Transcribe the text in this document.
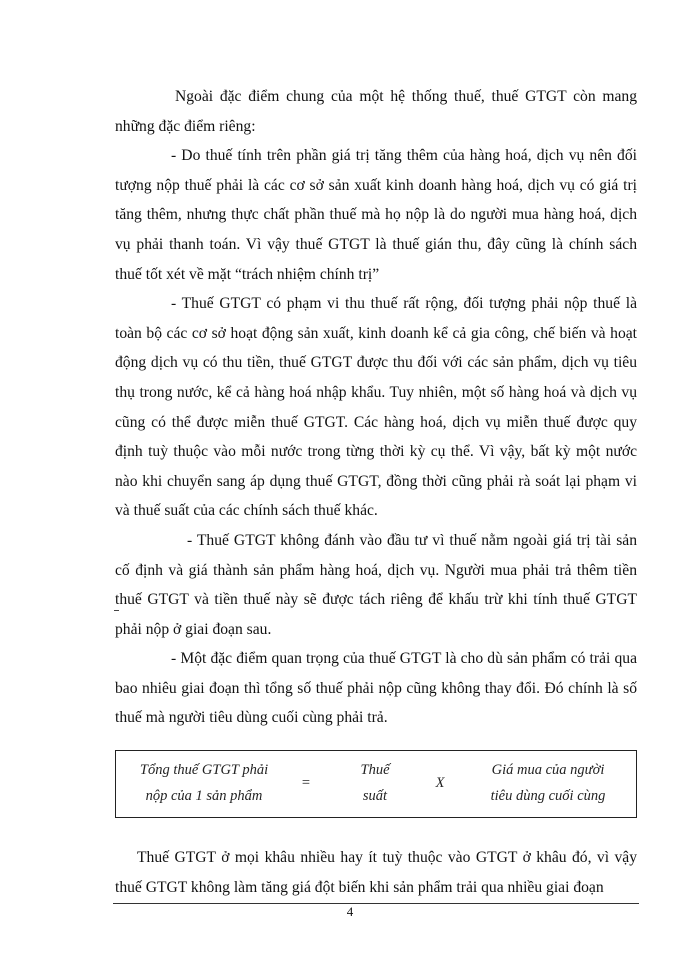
Ngoài đặc điểm chung của một hệ thống thuế, thuế GTGT còn mang những đặc điểm riêng:

- Do thuế tính trên phần giá trị tăng thêm của hàng hoá, dịch vụ nên đối tượng nộp thuế phải là các cơ sở sản xuất kinh doanh hàng hoá, dịch vụ có giá trị tăng thêm, nhưng thực chất phần thuế mà họ nộp là do người mua hàng hoá, dịch vụ phải thanh toán. Vì vậy thuế GTGT là thuế gián thu, đây cũng là chính sách thuế tốt xét về mặt “trách nhiệm chính trị”

- Thuế GTGT có phạm vi thu thuế rất rộng, đối tượng phải nộp thuế là toàn bộ các cơ sở hoạt động sản xuất, kinh doanh kể cả gia công, chế biến và hoạt động dịch vụ có thu tiền, thuế GTGT được thu đối với các sản phẩm, dịch vụ tiêu thụ trong nước, kể cả hàng hoá nhập khẩu. Tuy nhiên, một số hàng hoá và dịch vụ cũng có thể được miễn thuế GTGT. Các hàng hoá, dịch vụ miễn thuế được quy định tuỳ thuộc vào mỗi nước trong từng thời kỳ cụ thể. Vì vậy, bất kỳ một nước nào khi chuyển sang áp dụng thuế GTGT, đồng thời cũng phải rà soát lại phạm vi và thuế suất của các chính sách thuế khác.

- Thuế GTGT không đánh vào đầu tư vì thuế nằm ngoài giá trị tài sản cố định và giá thành sản phẩm hàng hoá, dịch vụ. Người mua phải trả thêm tiền thuế GTGT và tiền thuế này sẽ được tách riêng để khấu trừ khi tính thuế GTGT phải nộp ở giai đoạn sau.

- Một đặc điểm quan trọng của thuế GTGT là cho dù sản phẩm có trải qua bao nhiêu giai đoạn thì tổng số thuế phải nộp cũng không thay đổi. Đó chính là số thuế mà người tiêu dùng cuối cùng phải trả.

Tổng thuế GTGT phải
nộp của 1 sản phẩm
=
Thuế
suất
X
Giá mua của người
tiêu dùng cuối cùng

Thuế GTGT ở mọi khâu nhiều hay ít tuỳ thuộc vào GTGT ở khâu đó, vì vậy thuế GTGT không làm tăng giá đột biến khi sản phẩm trải qua nhiều giai đoạn

4
